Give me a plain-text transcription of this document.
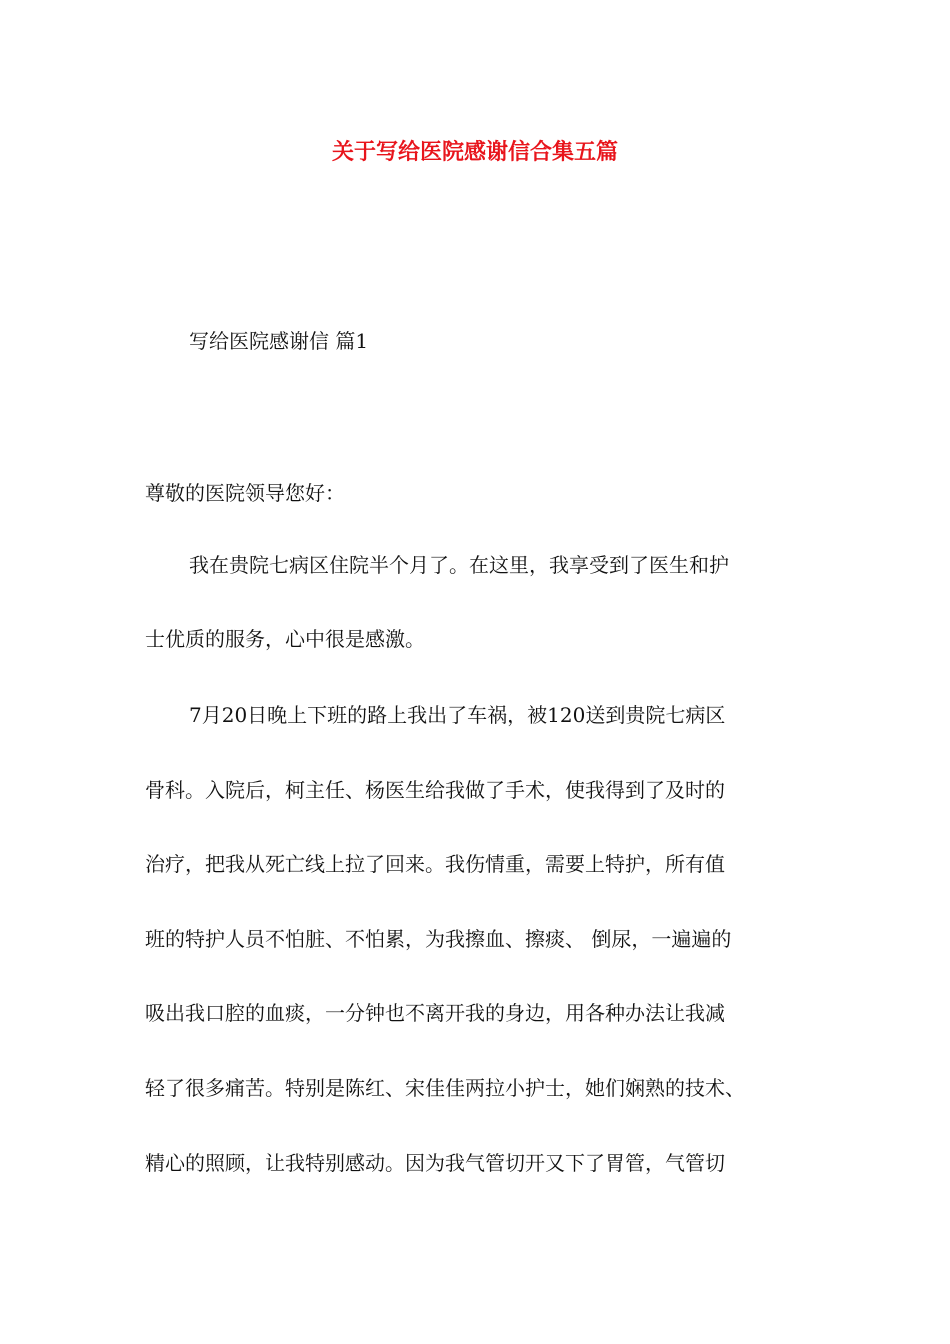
关于写给医院感谢信合集五篇
写给医院感谢信 篇1
尊敬的医院领导您好：
我在贵院七病区住院半个月了。在这里，我享受到了医生和护
士优质的服务，心中很是感激。
7月20日晚上下班的路上我出了车祸，被120送到贵院七病区
骨科。入院后，柯主任、杨医生给我做了手术，使我得到了及时的
治疗，把我从死亡线上拉了回来。我伤情重，需要上特护，所有值
班的特护人员不怕脏、不怕累，为我擦血、擦痰、 倒尿，一遍遍的
吸出我口腔的血痰，一分钟也不离开我的身边，用各种办法让我减
轻了很多痛苦。特别是陈红、宋佳佳两拉小护士，她们娴熟的技术、
精心的照顾，让我特别感动。因为我气管切开又下了胃管，气管切
